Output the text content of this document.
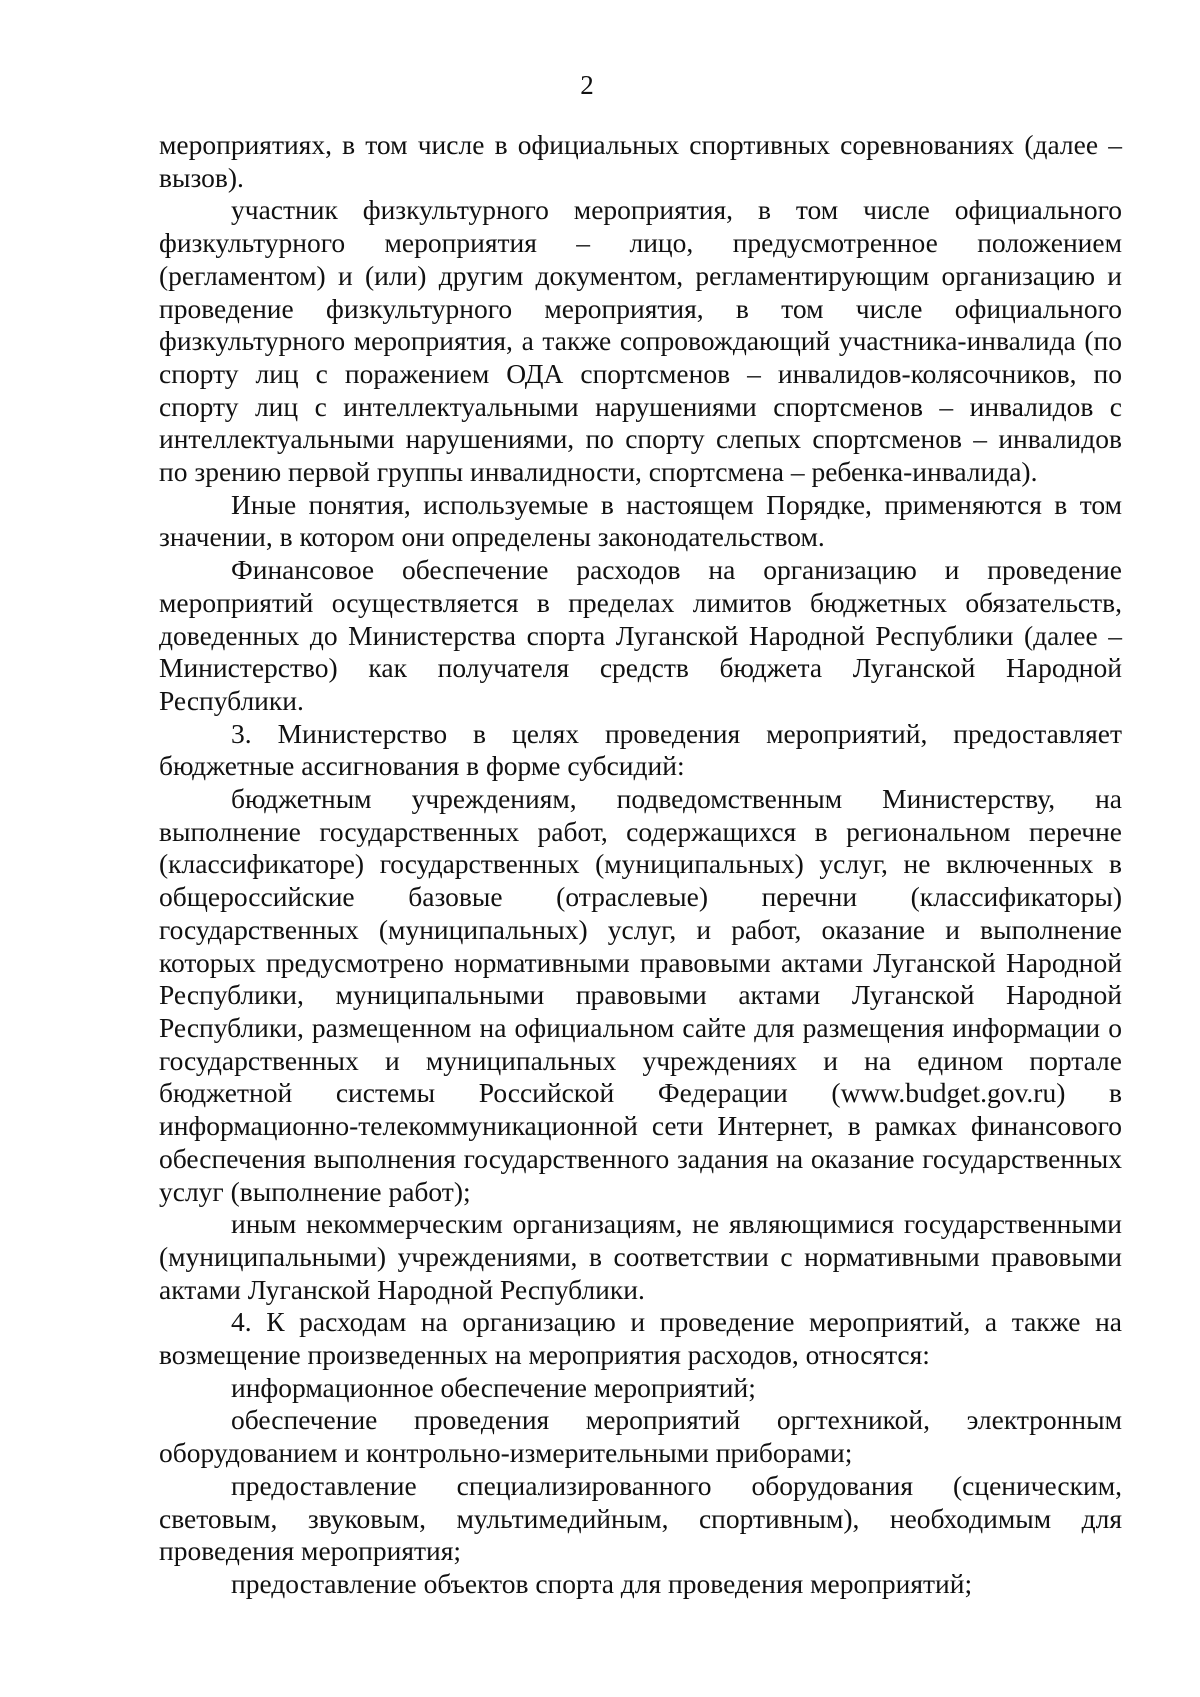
2

мероприятиях, в том числе в официальных спортивных соревнованиях (далее – вызов).

участник физкультурного мероприятия, в том числе официального физкультурного мероприятия – лицо, предусмотренное положением (регламентом) и (или) другим документом, регламентирующим организацию и проведение физкультурного мероприятия, в том числе официального физкультурного мероприятия, а также сопровождающий участника-инвалида (по спорту лиц с поражением ОДА спортсменов – инвалидов-колясочников, по спорту лиц с интеллектуальными нарушениями спортсменов – инвалидов с интеллектуальными нарушениями, по спорту слепых спортсменов – инвалидов по зрению первой группы инвалидности, спортсмена – ребенка-инвалида).

Иные понятия, используемые в настоящем Порядке, применяются в том значении, в котором они определены законодательством.

Финансовое обеспечение расходов на организацию и проведение мероприятий осуществляется в пределах лимитов бюджетных обязательств, доведенных до Министерства спорта Луганской Народной Республики (далее – Министерство) как получателя средств бюджета Луганской Народной Республики.

3. Министерство в целях проведения мероприятий, предоставляет бюджетные ассигнования в форме субсидий:

бюджетным учреждениям, подведомственным Министерству, на выполнение государственных работ, содержащихся в региональном перечне (классификаторе) государственных (муниципальных) услуг, не включенных в общероссийские базовые (отраслевые) перечни (классификаторы) государственных (муниципальных) услуг, и работ, оказание и выполнение которых предусмотрено нормативными правовыми актами Луганской Народной Республики, муниципальными правовыми актами Луганской Народной Республики, размещенном на официальном сайте для размещения информации о государственных и муниципальных учреждениях и на едином портале бюджетной системы Российской Федерации (www.budget.gov.ru) в информационно-телекоммуникационной сети Интернет, в рамках финансового обеспечения выполнения государственного задания на оказание государственных услуг (выполнение работ);

иным некоммерческим организациям, не являющимися государственными (муниципальными) учреждениями, в соответствии с нормативными правовыми актами Луганской Народной Республики.

4. К расходам на организацию и проведение мероприятий, а также на возмещение произведенных на мероприятия расходов, относятся:

информационное обеспечение мероприятий;

обеспечение проведения мероприятий оргтехникой, электронным оборудованием и контрольно-измерительными приборами;

предоставление специализированного оборудования (сценическим, световым, звуковым, мультимедийным, спортивным), необходимым для проведения мероприятия;

предоставление объектов спорта для проведения мероприятий;
